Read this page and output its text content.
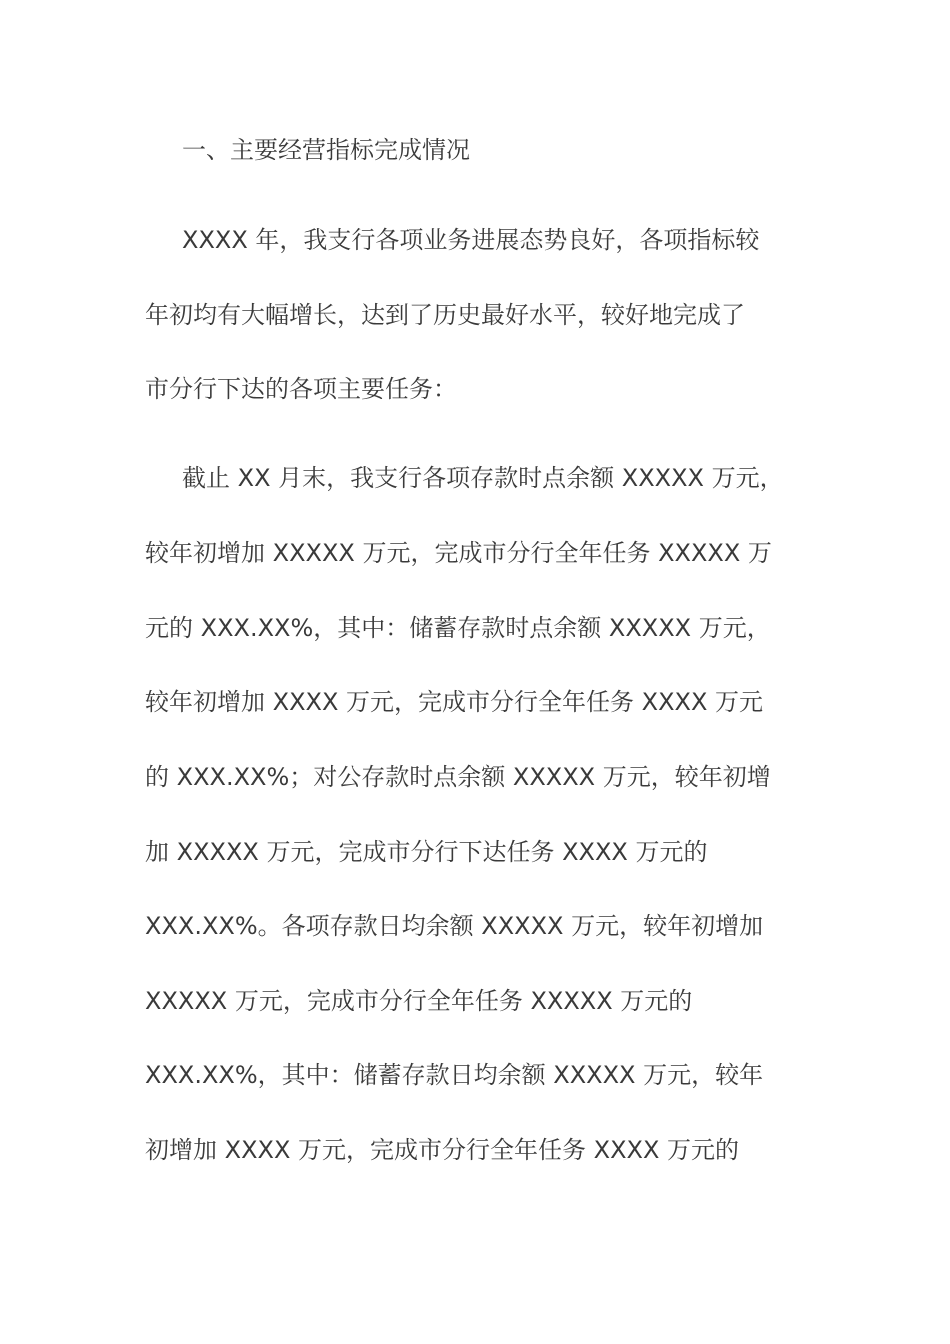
一、主要经营指标完成情况
XXXX 年，我支行各项业务进展态势良好，各项指标较
年初均有大幅增长，达到了历史最好水平，较好地完成了
市分行下达的各项主要任务：
截止 XX 月末，我支行各项存款时点余额 XXXXX 万元，
较年初增加 XXXXX 万元，完成市分行全年任务 XXXXX 万
元的 XXX.XX%，其中：储蓄存款时点余额 XXXXX 万元，
较年初增加 XXXX 万元，完成市分行全年任务 XXXX 万元
的 XXX.XX%；对公存款时点余额 XXXXX 万元，较年初增
加 XXXXX 万元，完成市分行下达任务 XXXX 万元的
XXX.XX%。各项存款日均余额 XXXXX 万元，较年初增加
XXXXX 万元，完成市分行全年任务 XXXXX 万元的
XXX.XX%，其中：储蓄存款日均余额 XXXXX 万元，较年
初增加 XXXX 万元，完成市分行全年任务 XXXX 万元的
